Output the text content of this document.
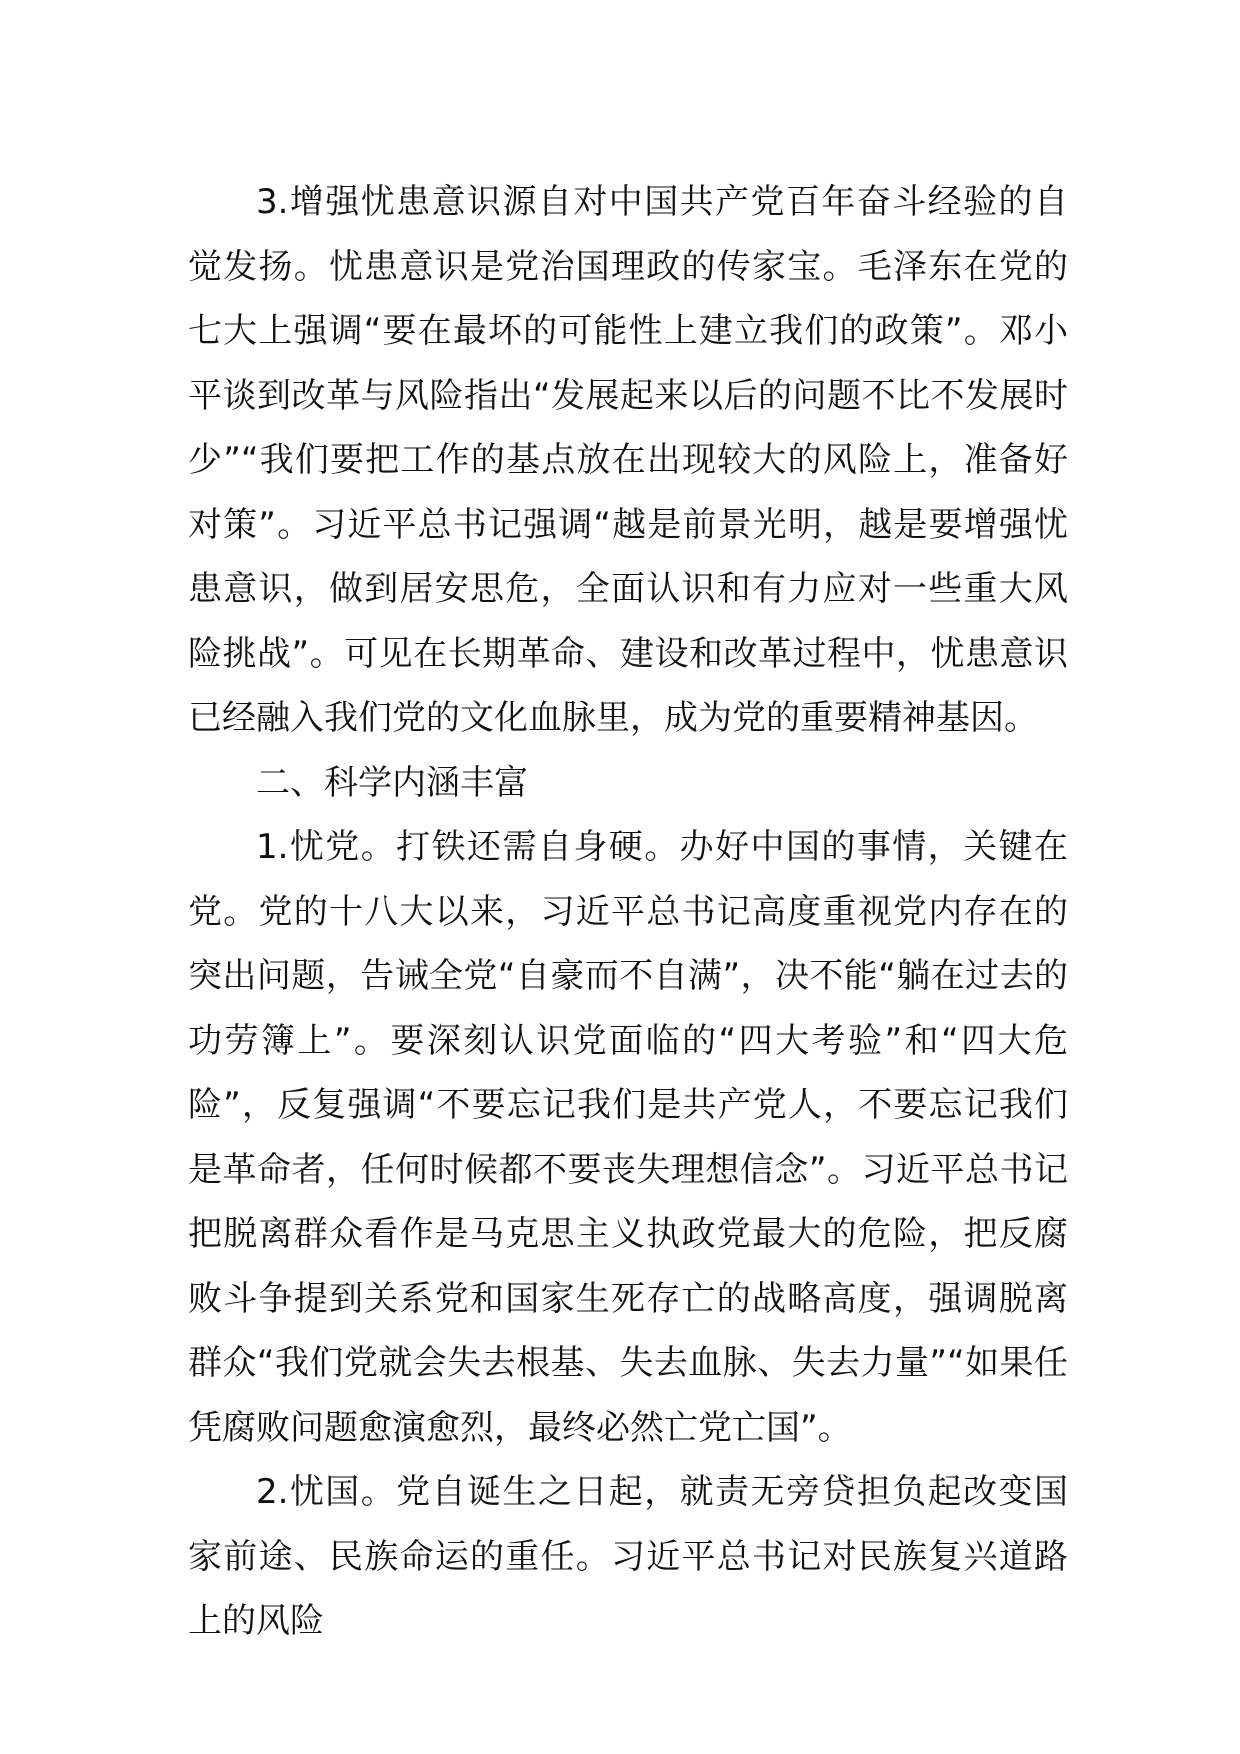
3.增强忧患意识源自对中国共产党百年奋斗经验的自觉发扬。忧患意识是党治国理政的传家宝。毛泽东在党的七大上强调“要在最坏的可能性上建立我们的政策”。邓小平谈到改革与风险指出“发展起来以后的问题不比不发展时少”“我们要把工作的基点放在出现较大的风险上，准备好对策”。习近平总书记强调“越是前景光明，越是要增强忧患意识，做到居安思危，全面认识和有力应对一些重大风险挑战”。可见在长期革命、建设和改革过程中，忧患意识已经融入我们党的文化血脉里，成为党的重要精神基因。

二、科学内涵丰富

1.忧党。打铁还需自身硬。办好中国的事情，关键在党。党的十八大以来，习近平总书记高度重视党内存在的突出问题，告诫全党“自豪而不自满”，决不能“躺在过去的功劳簿上”。要深刻认识党面临的“四大考验”和“四大危险”，反复强调“不要忘记我们是共产党人，不要忘记我们是革命者，任何时候都不要丧失理想信念”。习近平总书记把脱离群众看作是马克思主义执政党最大的危险，把反腐败斗争提到关系党和国家生死存亡的战略高度，强调脱离群众“我们党就会失去根基、失去血脉、失去力量”“如果任凭腐败问题愈演愈烈，最终必然亡党亡国”。

2.忧国。党自诞生之日起，就责无旁贷担负起改变国家前途、民族命运的重任。习近平总书记对民族复兴道路上的风险
